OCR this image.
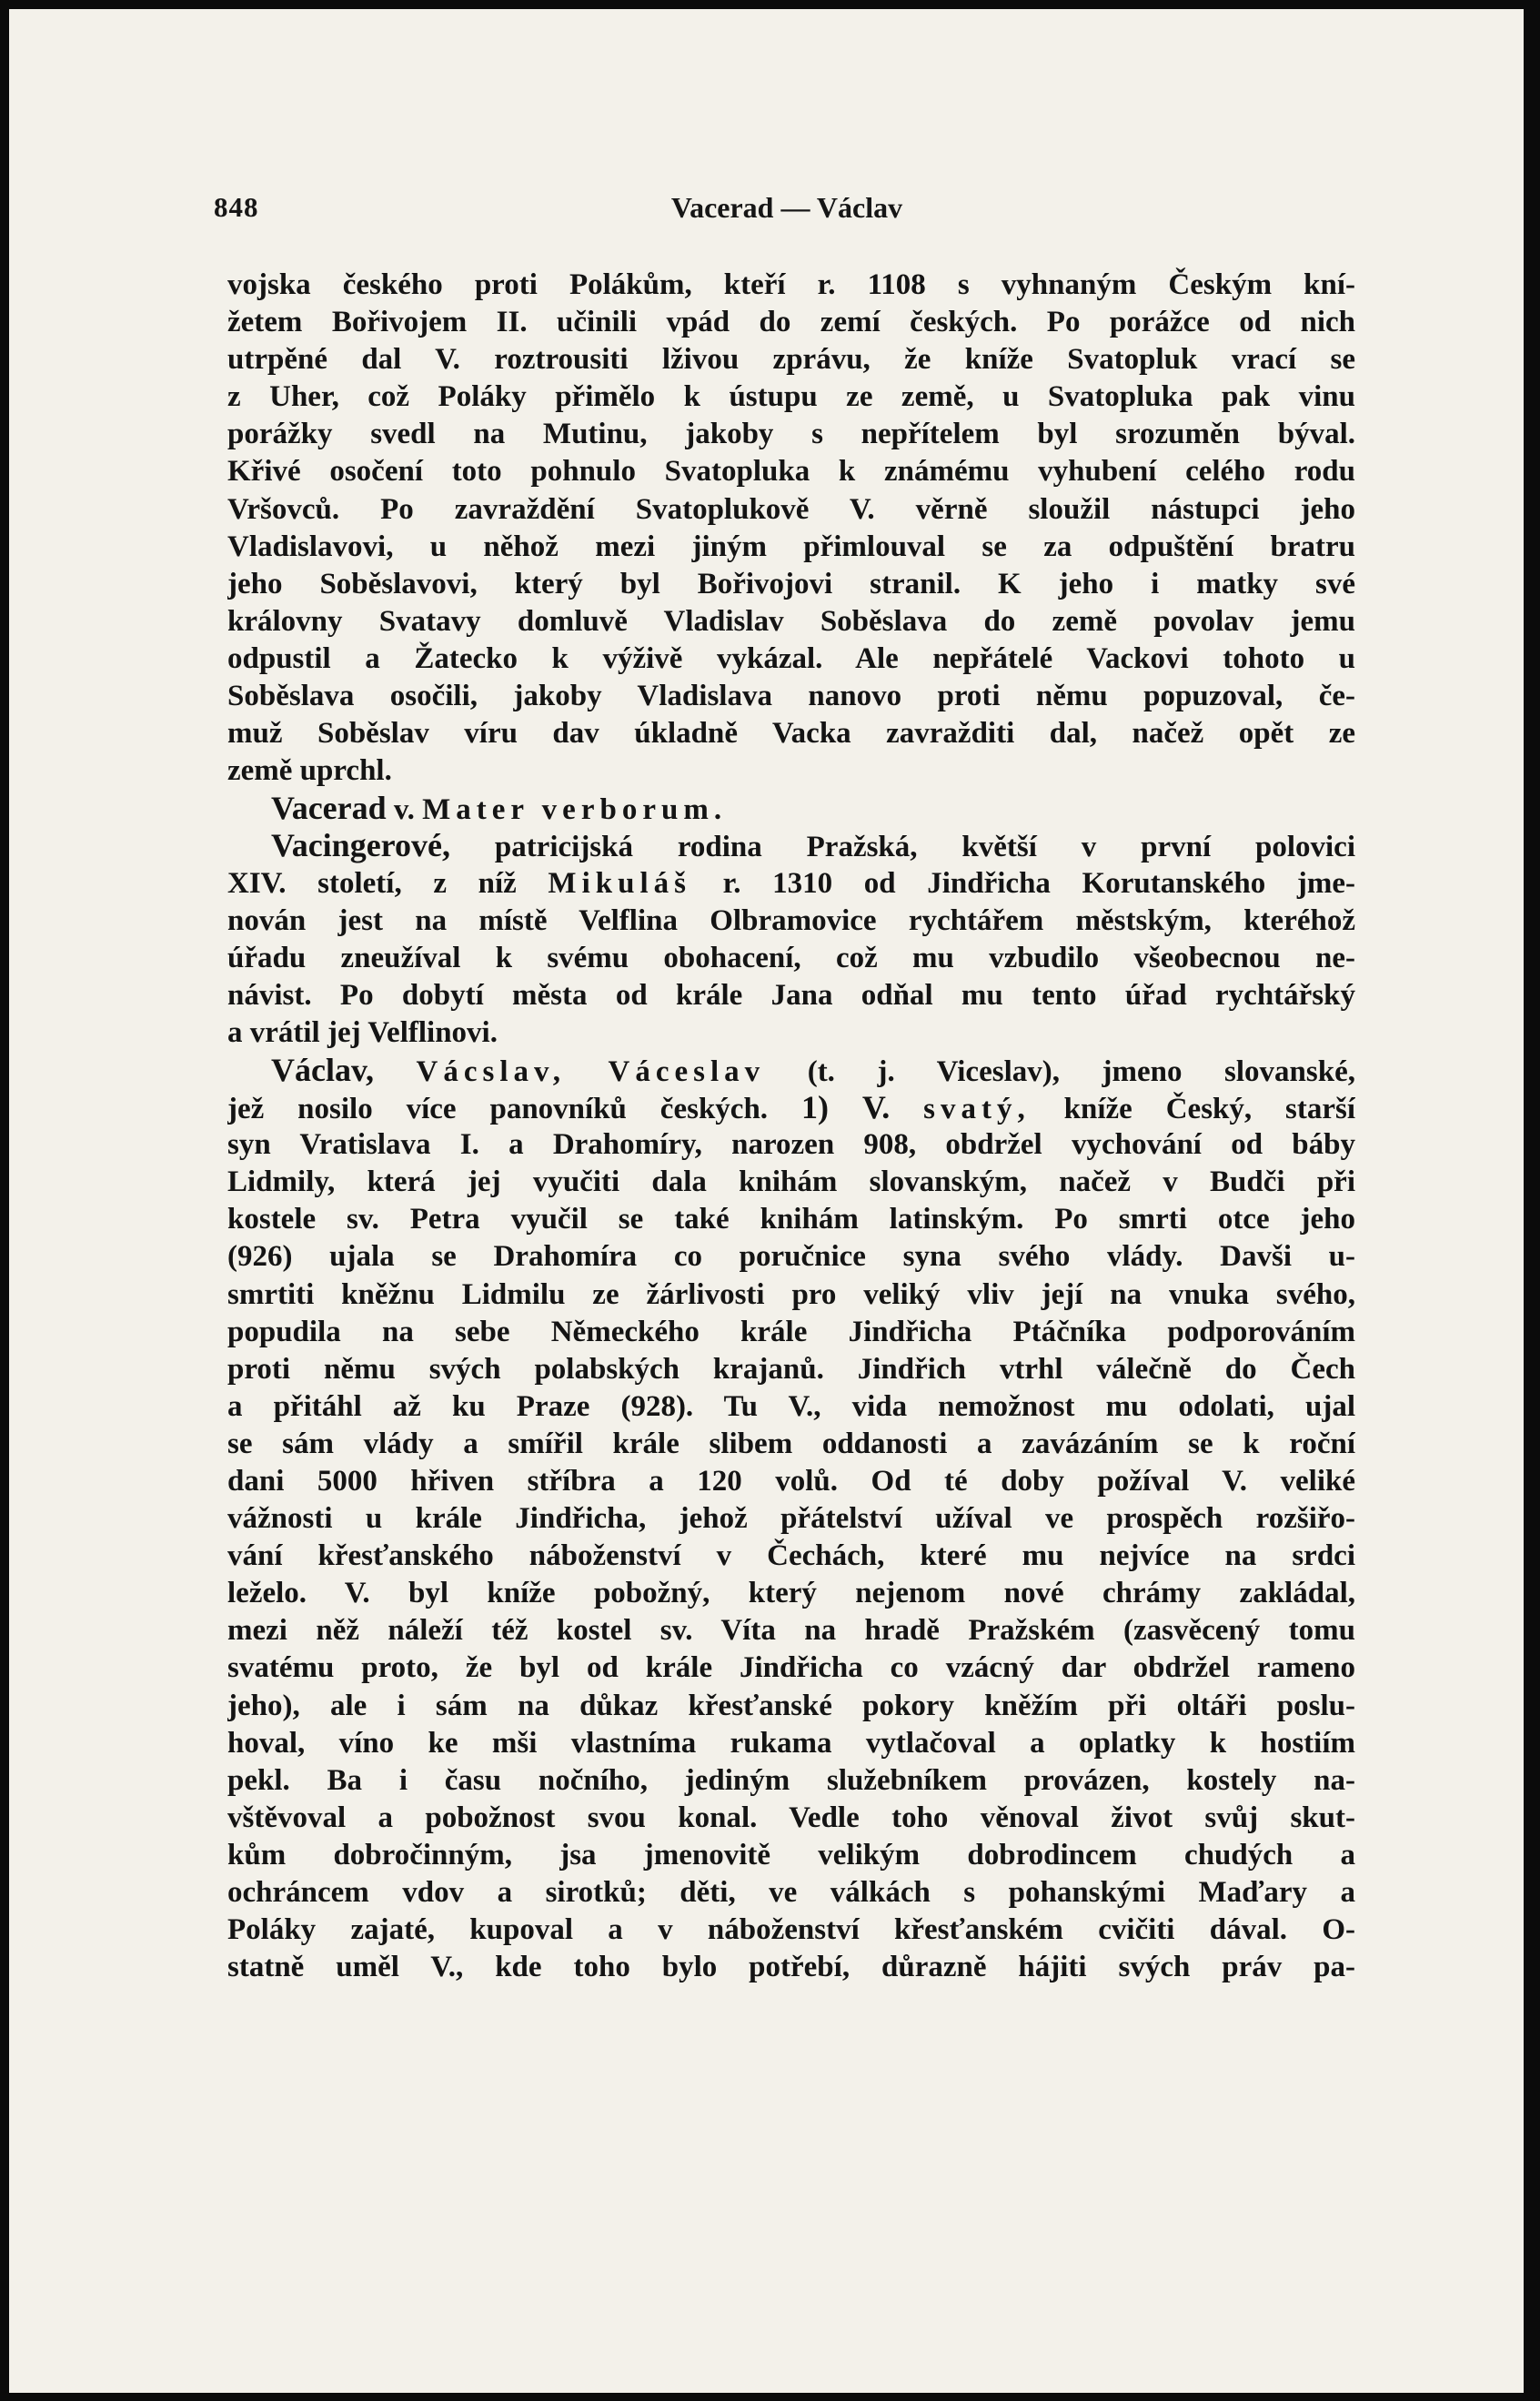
848	Vacerad — Václav
vojska českého proti Polákům, kteří r. 1108 s vyhnaným Českým kní-
žetem Bořivojem II. učinili vpád do zemí českých. Po porážce od nich
utrpěné dal V. roztrousiti lživou zprávu, že kníže Svatopluk vrací se
z Uher, což Poláky přimělo k ústupu ze země, u Svatopluka pak vinu
porážky svedl na Mutinu, jakoby s nepřítelem byl srozuměn býval.
Křivé osočení toto pohnulo Svatopluka k známému vyhubení celého rodu
Vršovců. Po zavraždění Svatoplukově V. věrně sloužil nástupci jeho
Vladislavovi, u něhož mezi jiným přimlouval se za odpuštění bratru
jeho Soběslavovi, který byl Bořivojovi stranil. K jeho i matky své
královny Svatavy domluvě Vladislav Soběslava do země povolav jemu
odpustil a Žatecko k výživě vykázal. Ale nepřátelé Vackovi tohoto u
Soběslava osočili, jakoby Vladislava nanovo proti němu popuzoval, če-
muž Soběslav víru dav úkladně Vacka zavražditi dal, načež opět ze
země uprchl.
Vacerad v. Mater verborum.
Vacingerové, patricijská rodina Pražská, květší v první polovici
XIV. století, z níž Mikuláš r. 1310 od Jindřicha Korutanského jme-
nován jest na místě Velflina Olbramovice rychtářem městským, kteréhož
úřadu zneužíval k svému obohacení, což mu vzbudilo všeobecnou ne-
návist. Po dobytí města od krále Jana odňal mu tento úřad rychtářský
a vrátil jej Velflinovi.
Václav, Vácslav, Váceslav (t. j. Viceslav), jmeno slovanské,
jež nosilo více panovníků českých. 1) V. svatý, kníže Český, starší
syn Vratislava I. a Drahomíry, narozen 908, obdržel vychování od báby
Lidmily, která jej vyučiti dala knihám slovanským, načež v Budči při
kostele sv. Petra vyučil se také knihám latinským. Po smrti otce jeho
(926) ujala se Drahomíra co poručnice syna svého vlády. Davši u-
smrtiti kněžnu Lidmilu ze žárlivosti pro veliký vliv její na vnuka svého,
popudila na sebe Německého krále Jindřicha Ptáčníka podporováním
proti němu svých polabských krajanů. Jindřich vtrhl válečně do Čech
a přitáhl až ku Praze (928). Tu V., vida nemožnost mu odolati, ujal
se sám vlády a smířil krále slibem oddanosti a zavázáním se k roční
dani 5000 hřiven stříbra a 120 volů. Od té doby požíval V. veliké
vážnosti u krále Jindřicha, jehož přátelství užíval ve prospěch rozšiřo-
vání křesťanského náboženství v Čechách, které mu nejvíce na srdci
leželo. V. byl kníže pobožný, který nejenom nové chrámy zakládal,
mezi něž náleží též kostel sv. Víta na hradě Pražském (zasvěcený tomu
svatému proto, že byl od krále Jindřicha co vzácný dar obdržel rameno
jeho), ale i sám na důkaz křesťanské pokory kněžím při oltáři poslu-
hoval, víno ke mši vlastníma rukama vytlačoval a oplatky k hostiím
pekl. Ba i času nočního, jediným služebníkem provázen, kostely na-
vštěvoval a pobožnost svou konal. Vedle toho věnoval život svůj skut-
kům dobročinným, jsa jmenovitě velikým dobrodincem chudých a
ochráncem vdov a sirotků; děti, ve válkách s pohanskými Maďary a
Poláky zajaté, kupoval a v náboženství křesťanském cvičiti dával. O-
statně uměl V., kde toho bylo potřebí, důrazně hájiti svých práv pa-
